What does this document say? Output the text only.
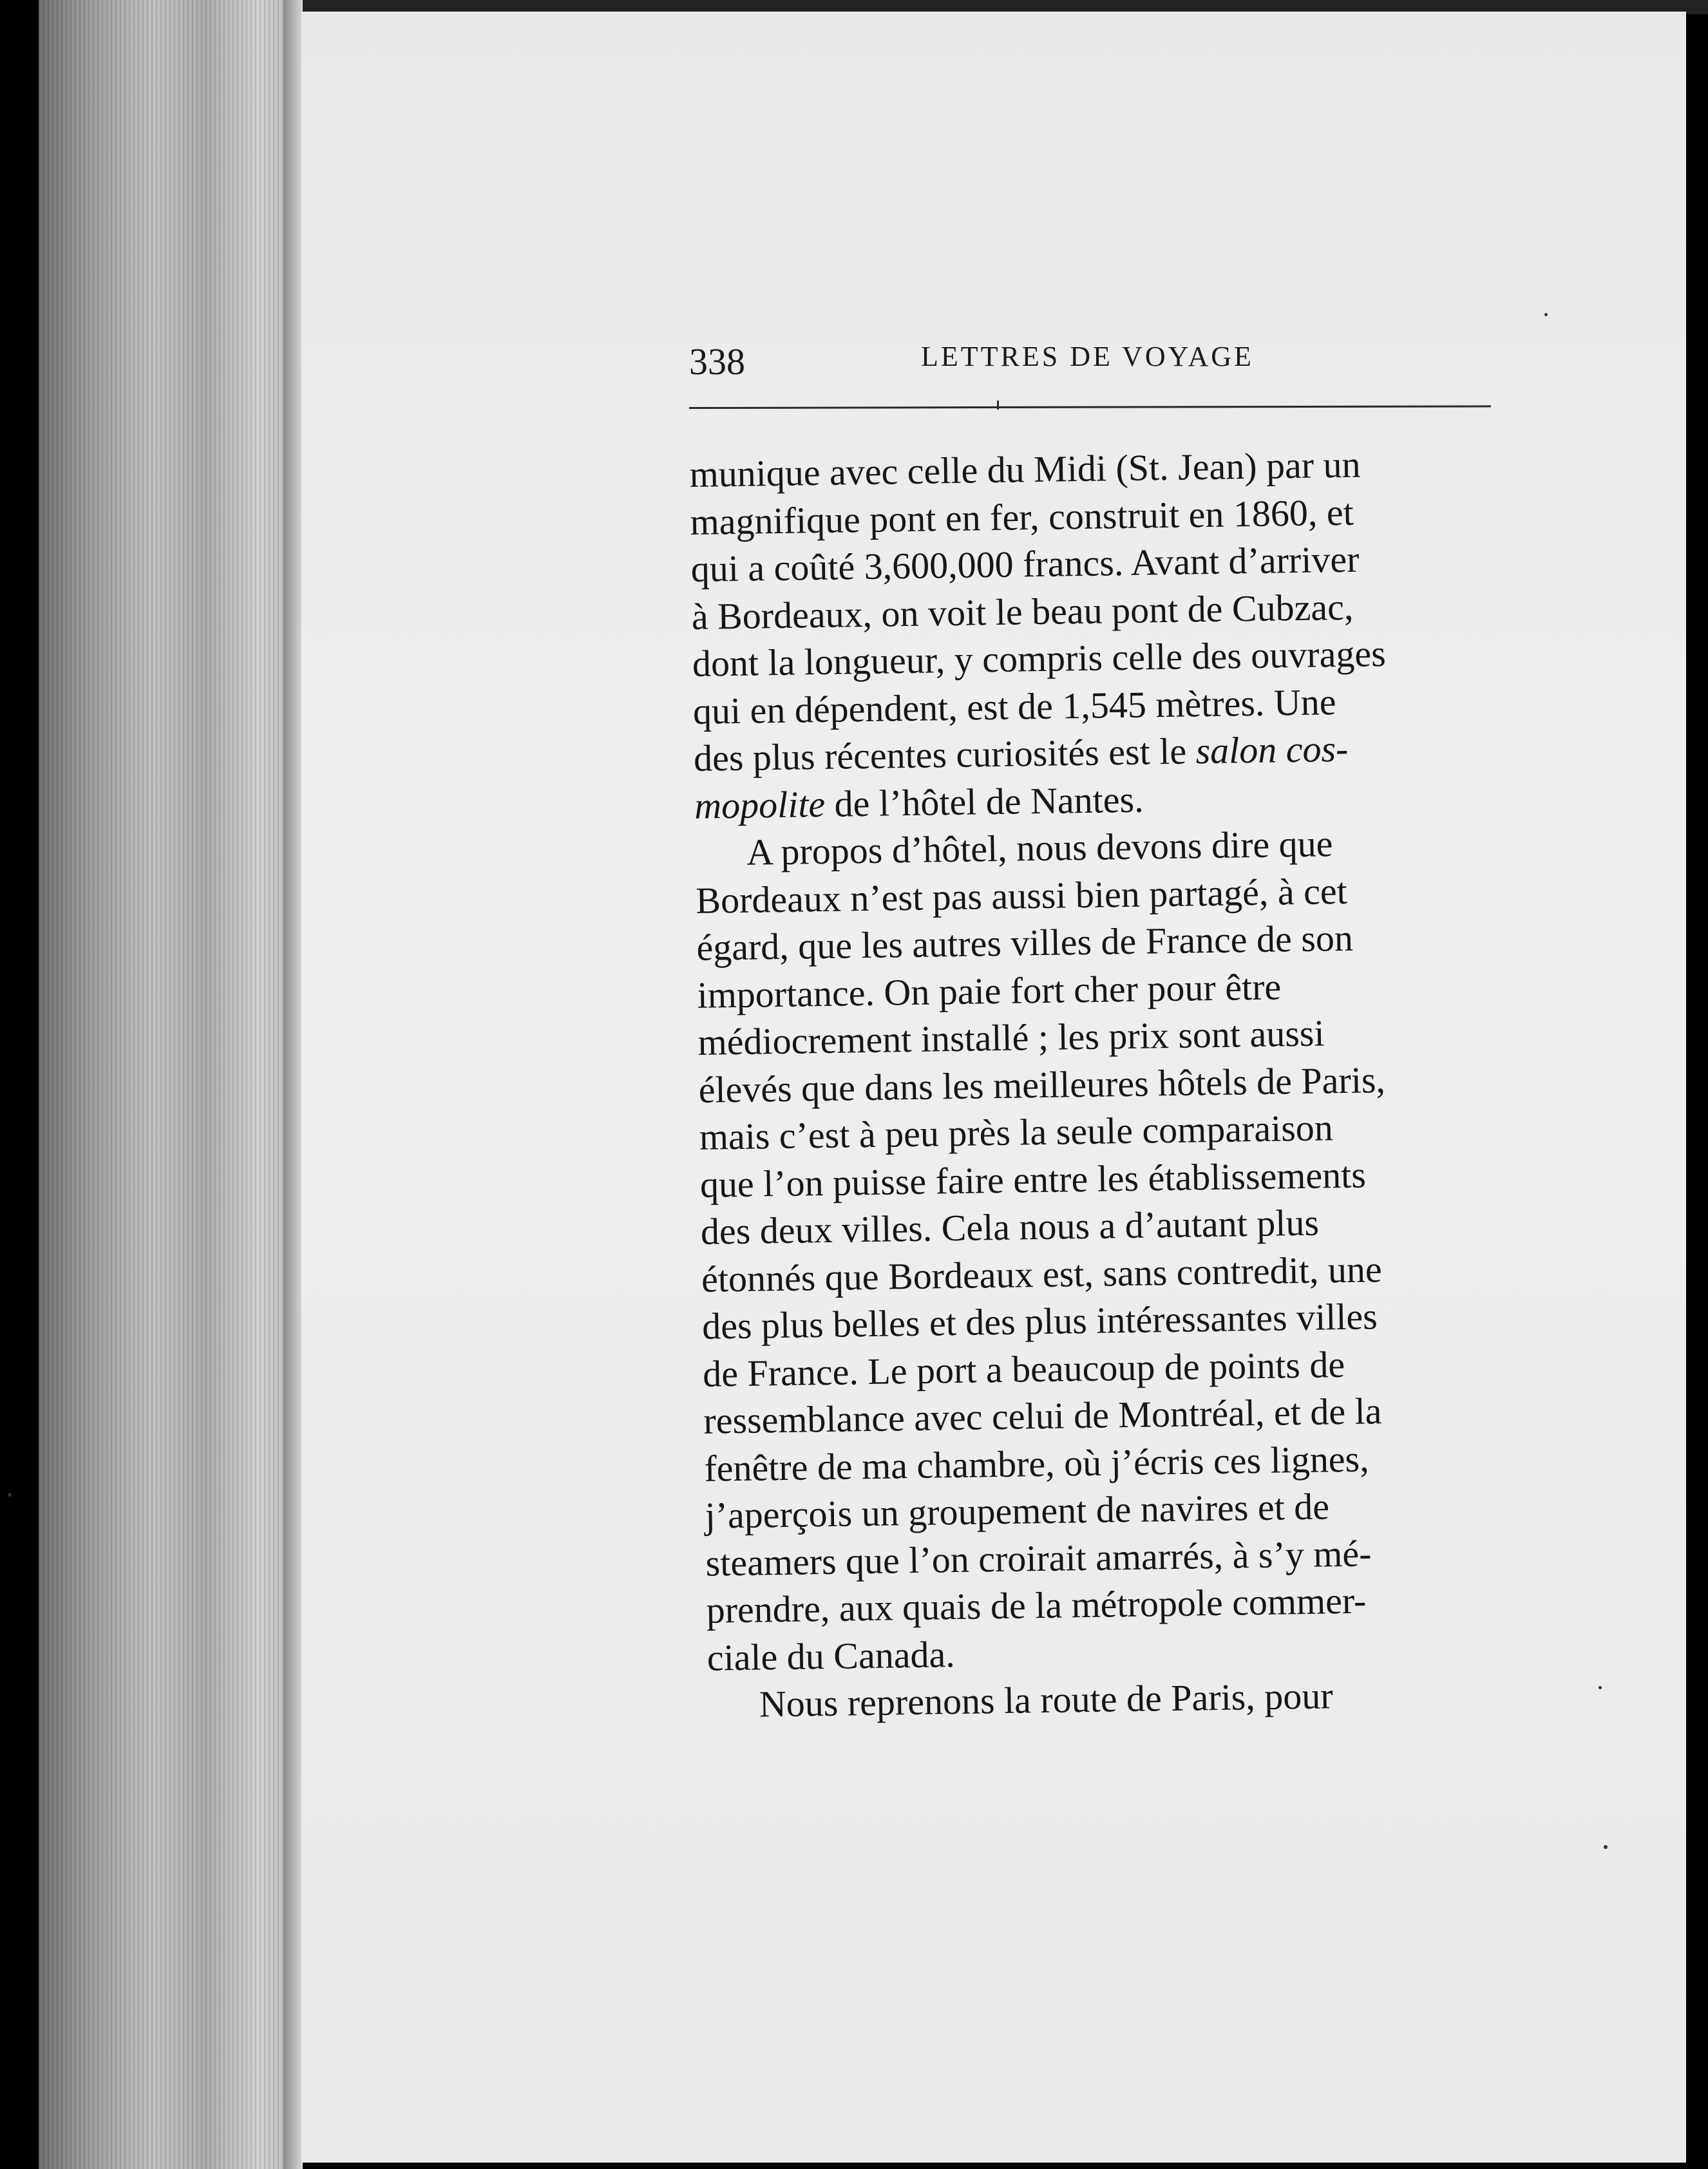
338	LETTRES DE VOYAGE
munique avec celle du Midi (St. Jean) par un
magnifique pont en fer, construit en 1860, et
qui a coûté 3,600,000 francs. Avant d’arriver
à Bordeaux, on voit le beau pont de Cubzac,
dont la longueur, y compris celle des ouvrages
qui en dépendent, est de 1,545 mètres. Une
des plus récentes curiosités est le salon cos-
mopolite de l’hôtel de Nantes.
A propos d’hôtel, nous devons dire que
Bordeaux n’est pas aussi bien partagé, à cet
égard, que les autres villes de France de son
importance. On paie fort cher pour être
médiocrement installé ; les prix sont aussi
élevés que dans les meilleures hôtels de Paris,
mais c’est à peu près la seule comparaison
que l’on puisse faire entre les établissements
des deux villes. Cela nous a d’autant plus
étonnés que Bordeaux est, sans contredit, une
des plus belles et des plus intéressantes villes
de France. Le port a beaucoup de points de
ressemblance avec celui de Montréal, et de la
fenêtre de ma chambre, où j’écris ces lignes,
j’aperçois un groupement de navires et de
steamers que l’on croirait amarrés, à s’y mé-
prendre, aux quais de la métropole commer-
ciale du Canada.
Nous reprenons la route de Paris, pour
